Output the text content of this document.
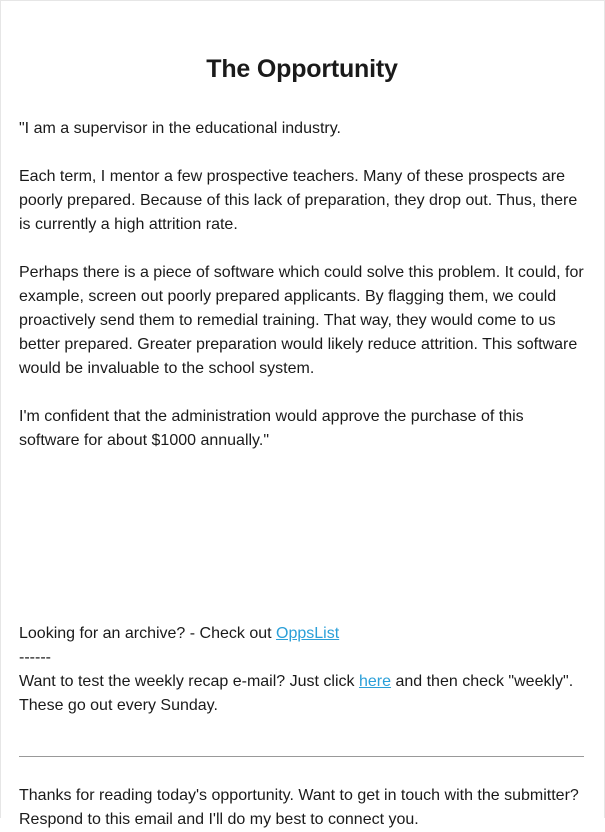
The Opportunity

"I am a supervisor in the educational industry.

Each term, I mentor a few prospective teachers. Many of these prospects are poorly prepared. Because of this lack of preparation, they drop out. Thus, there is currently a high attrition rate.

Perhaps there is a piece of software which could solve this problem. It could, for example, screen out poorly prepared applicants. By flagging them, we could proactively send them to remedial training. That way, they would come to us better prepared. Greater preparation would likely reduce attrition. This software would be invaluable to the school system.

I'm confident that the administration would approve the purchase of this software for about $1000 annually."

Looking for an archive? - Check out OppsList

------

Want to test the weekly recap e-mail? Just click here and then check "weekly". These go out every Sunday.

Thanks for reading today's opportunity. Want to get in touch with the submitter?

Respond to this email and I'll do my best to connect you.
